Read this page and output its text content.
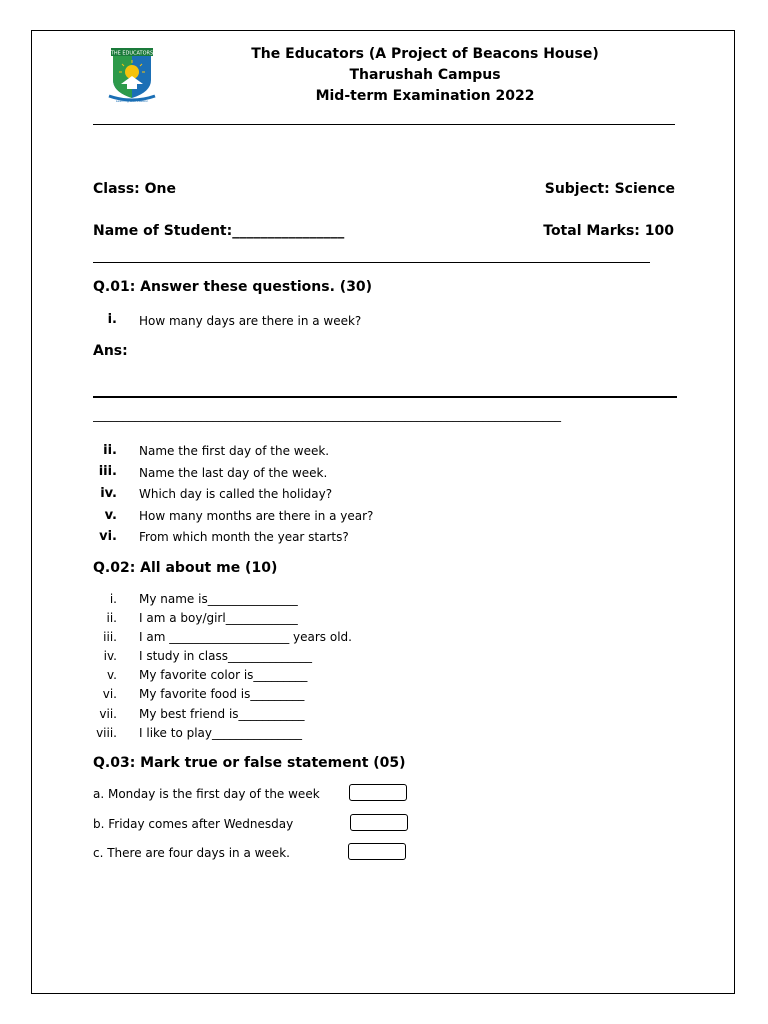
THE EDUCATORS
Learning with Passion
The Educators (A Project of Beacons House)
Tharushah Campus
Mid-term Examination 2022
Class: One	Subject: Science
Name of Student:________________	Total Marks: 100
Q.01: Answer these questions. (30)
i. How many days are there in a week?
Ans:
______________________________________________________________________________
ii. Name the first day of the week.
iii. Name the last day of the week.
iv. Which day is called the holiday?
v. How many months are there in a year?
vi. From which month the year starts?
Q.02: All about me (10)
i. My name is_______________
ii. I am a boy/girl____________
iii. I am ____________________ years old.
iv. I study in class______________
v. My favorite color is_________
vi. My favorite food is_________
vii. My best friend is___________
viii. I like to play_______________
Q.03: Mark true or false statement (05)
a. Monday is the first day of the week
b. Friday comes after Wednesday
c. There are four days in a week.
